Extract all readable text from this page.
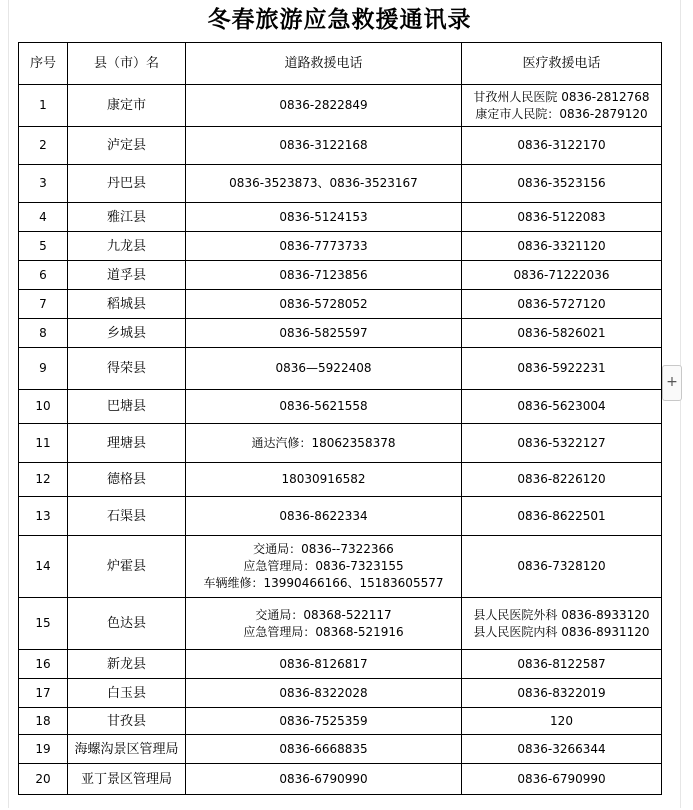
冬春旅游应急救援通讯录
序号	县（市）名	道路救援电话	医疗救援电话
1	康定市	0836-2822849	甘孜州人民医院 0836-2812768
康定市人民院：0836-2879120

2	泸定县	0836-3122168	0836-3122170

3	丹巴县	0836-3523873、0836-3523167	0836-3523156

4	雅江县	0836-5124153	0836-5122083

5	九龙县	0836-7773733	0836-3321120

6	道孚县	0836-7123856	0836-71222036

7	稻城县	0836-5728052	0836-5727120

8	乡城县	0836-5825597	0836-5826021

9	得荣县	0836—5922408	0836-5922231

10	巴塘县	0836-5621558	0836-5623004

11	理塘县	通达汽修：18062358378	0836-5322127

12	德格县	18030916582	0836-8226120

13	石渠县	0836-8622334	0836-8622501

14	炉霍县	交通局：0836--7322366
应急管理局：0836-7323155
车辆维修：13990466166、15183605577	0836-7328120

15	色达县	交通局：08368-522117
应急管理局：08368-521916	县人民医院外科 0836-8933120
县人民医院内科 0836-8931120

16	新龙县	0836-8126817	0836-8122587

17	白玉县	0836-8322028	0836-8322019

18	甘孜县	0836-7525359	120

19	海螺沟景区管理局	0836-6668835	0836-3266344

20	亚丁景区管理局	0836-6790990	0836-6790990
+
